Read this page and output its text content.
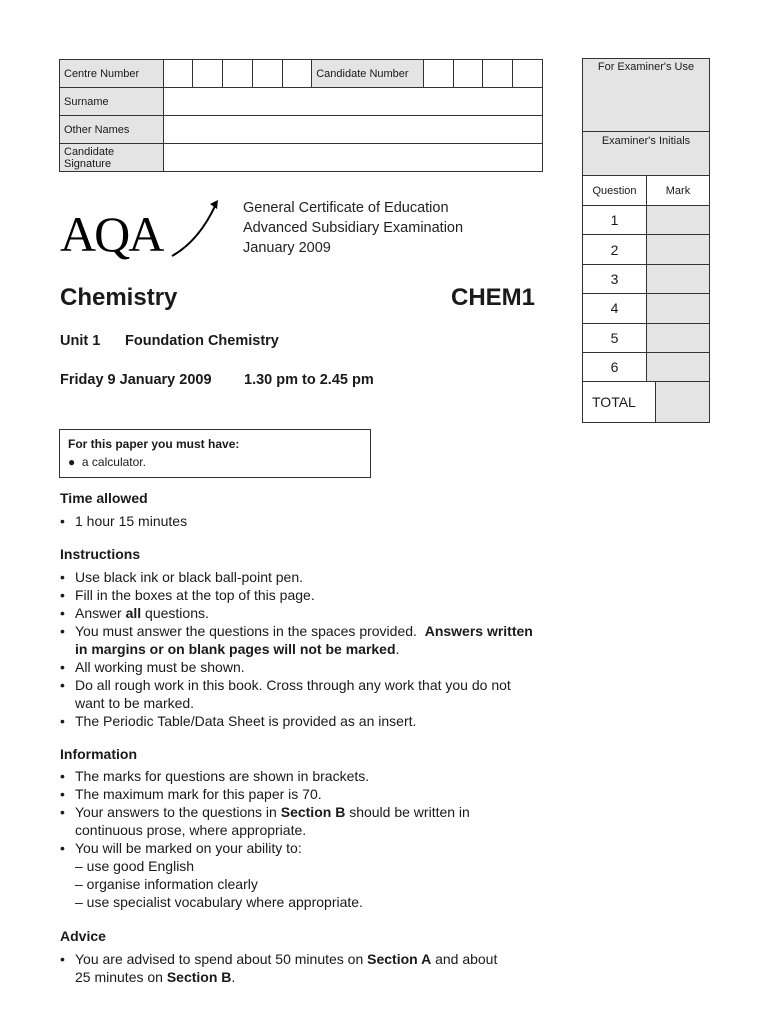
Centre Number						Candidate Number				
Surname										
Other Names										
Candidate Signature										
For Examiner's Use
Examiner's Initials
Question	Mark
1
2
3
4
5
6
TOTAL
AQA	General Certificate of Education
Advanced Subsidiary Examination
January 2009
Chemistry	CHEM1
Unit 1 Foundation Chemistry
Friday 9 January 2009 1.30 pm to 2.45 pm
For this paper you must have:
● a calculator.
Time allowed
• 1 hour 15 minutes
Instructions
• Use black ink or black ball-point pen.
• Fill in the boxes at the top of this page.
• Answer all questions.
• You must answer the questions in the spaces provided.  Answers written
in margins or on blank pages will not be marked.
• All working must be shown.
• Do all rough work in this book. Cross through any work that you do not
want to be marked.
• The Periodic Table/Data Sheet is provided as an insert.
Information
• The marks for questions are shown in brackets.
• The maximum mark for this paper is 70.
• Your answers to the questions in Section B should be written in
continuous prose, where appropriate.
• You will be marked on your ability to:
– use good English
– organise information clearly
– use specialist vocabulary where appropriate.
Advice
• You are advised to spend about 50 minutes on Section A and about
25 minutes on Section B.
